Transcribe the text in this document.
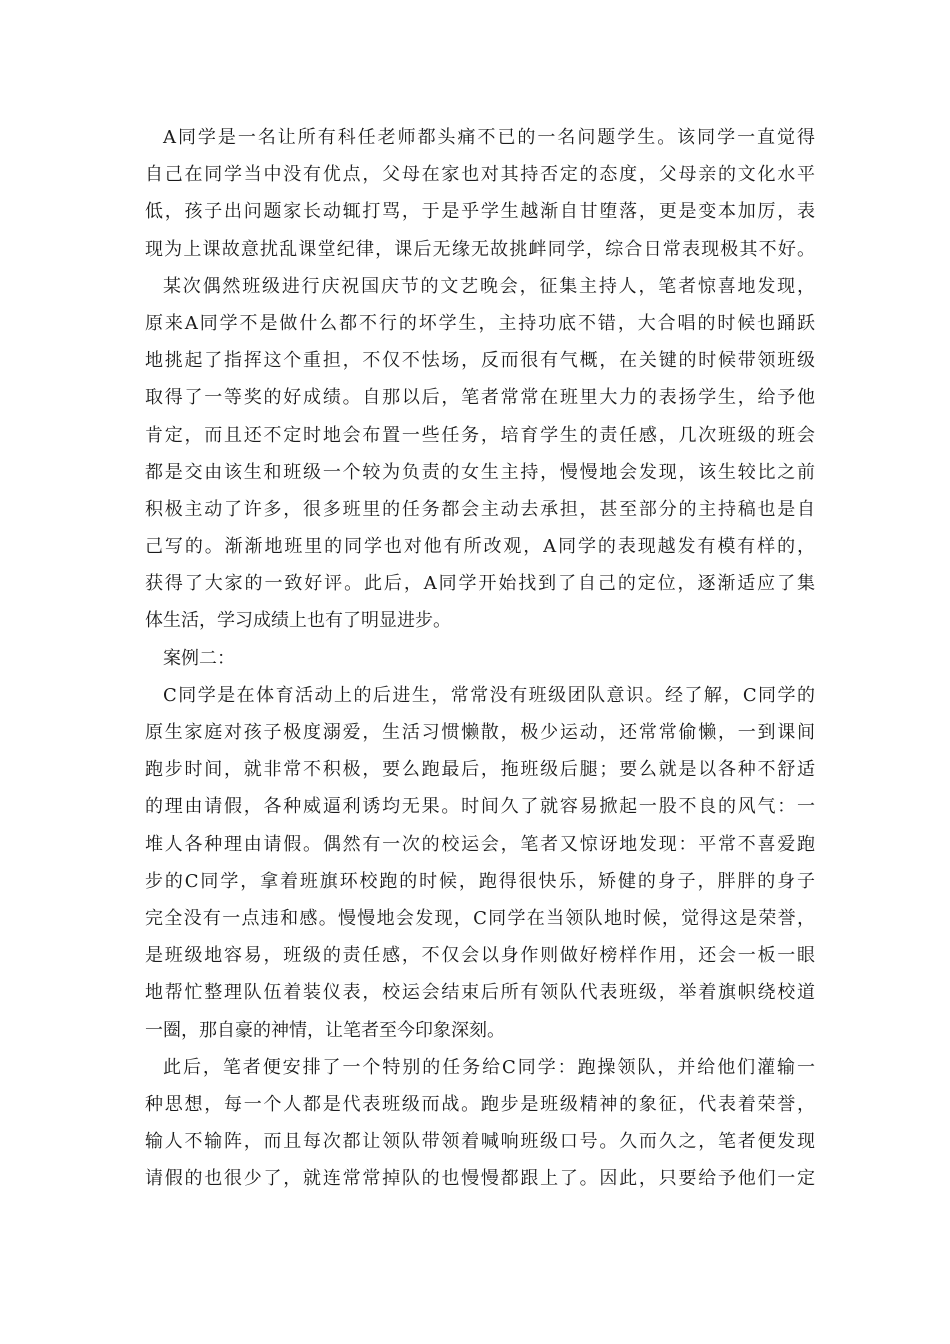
A同学是一名让所有科任老师都头痛不已的一名问题学生。该同学一直觉得
自己在同学当中没有优点，父母在家也对其持否定的态度，父母亲的文化水平
低，孩子出问题家长动辄打骂，于是乎学生越渐自甘堕落，更是变本加厉，表
现为上课故意扰乱课堂纪律，课后无缘无故挑衅同学，综合日常表现极其不好。
某次偶然班级进行庆祝国庆节的文艺晚会，征集主持人，笔者惊喜地发现，
原来A同学不是做什么都不行的坏学生，主持功底不错，大合唱的时候也踊跃
地挑起了指挥这个重担，不仅不怯场，反而很有气概，在关键的时候带领班级
取得了一等奖的好成绩。自那以后，笔者常常在班里大力的表扬学生，给予他
肯定，而且还不定时地会布置一些任务，培育学生的责任感，几次班级的班会
都是交由该生和班级一个较为负责的女生主持，慢慢地会发现，该生较比之前
积极主动了许多，很多班里的任务都会主动去承担，甚至部分的主持稿也是自
己写的。渐渐地班里的同学也对他有所改观，A同学的表现越发有模有样的，
获得了大家的一致好评。此后，A同学开始找到了自己的定位，逐渐适应了集
体生活，学习成绩上也有了明显进步。
案例二：
C同学是在体育活动上的后进生，常常没有班级团队意识。经了解，C同学的
原生家庭对孩子极度溺爱，生活习惯懒散，极少运动，还常常偷懒，一到课间
跑步时间，就非常不积极，要么跑最后，拖班级后腿；要么就是以各种不舒适
的理由请假，各种威逼利诱均无果。时间久了就容易掀起一股不良的风气：一
堆人各种理由请假。偶然有一次的校运会，笔者又惊讶地发现：平常不喜爱跑
步的C同学，拿着班旗环校跑的时候，跑得很快乐，矫健的身子，胖胖的身子
完全没有一点违和感。慢慢地会发现，C同学在当领队地时候，觉得这是荣誉，
是班级地容易，班级的责任感，不仅会以身作则做好榜样作用，还会一板一眼
地帮忙整理队伍着装仪表，校运会结束后所有领队代表班级，举着旗帜绕校道
一圈，那自豪的神情，让笔者至今印象深刻。
此后，笔者便安排了一个特别的任务给C同学：跑操领队，并给他们灌输一
种思想，每一个人都是代表班级而战。跑步是班级精神的象征，代表着荣誉，
输人不输阵，而且每次都让领队带领着喊响班级口号。久而久之，笔者便发现
请假的也很少了，就连常常掉队的也慢慢都跟上了。因此，只要给予他们一定
